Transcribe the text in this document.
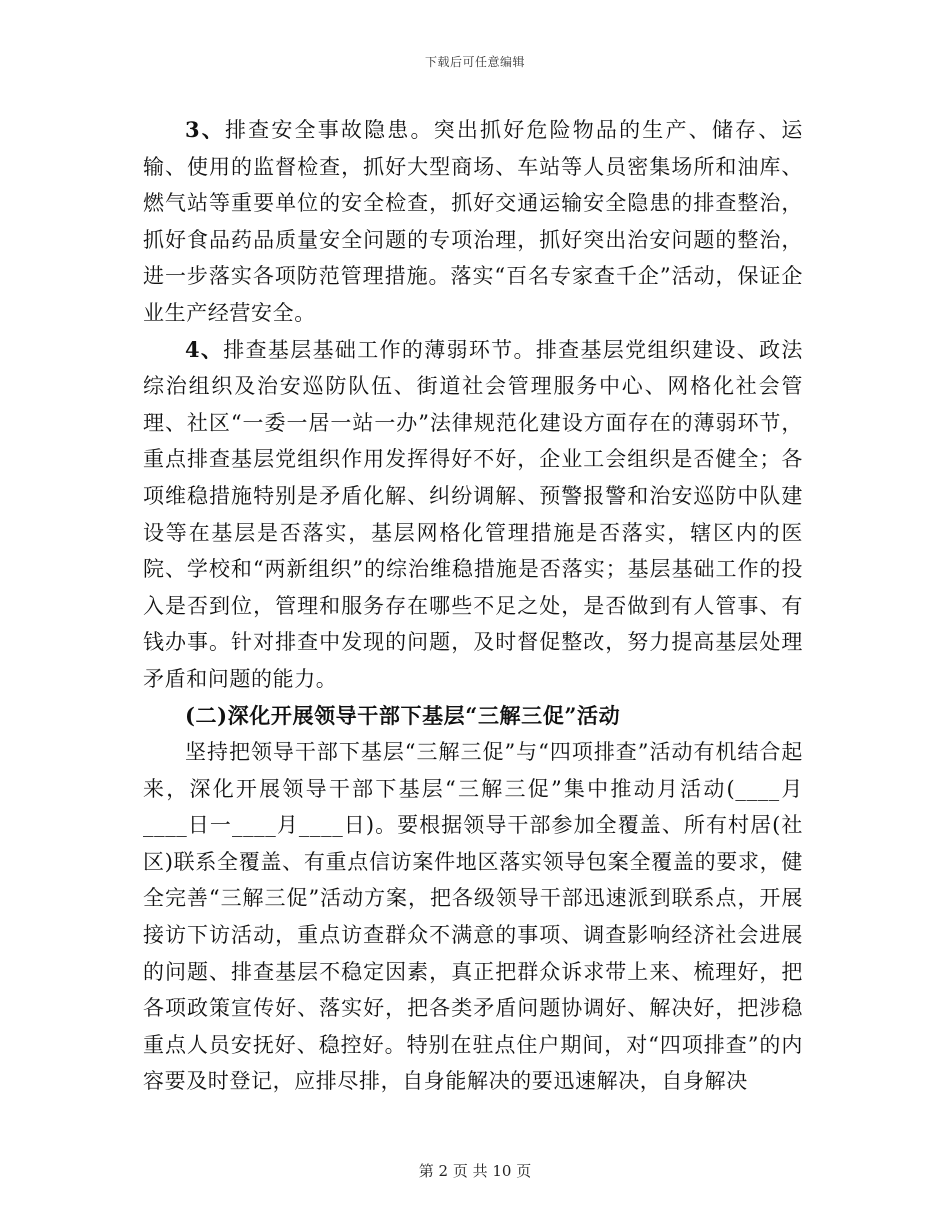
下载后可任意编辑

3、排查安全事故隐患。突出抓好危险物品的生产、储存、运输、使用的监督检查，抓好大型商场、车站等人员密集场所和油库、燃气站等重要单位的安全检查，抓好交通运输安全隐患的排查整治，抓好食品药品质量安全问题的专项治理，抓好突出治安问题的整治，进一步落实各项防范管理措施。落实“百名专家查千企”活动，保证企业生产经营安全。

4、排查基层基础工作的薄弱环节。排查基层党组织建设、政法综治组织及治安巡防队伍、街道社会管理服务中心、网格化社会管理、社区“一委一居一站一办”法律规范化建设方面存在的薄弱环节，重点排查基层党组织作用发挥得好不好，企业工会组织是否健全；各项维稳措施特别是矛盾化解、纠纷调解、预警报警和治安巡防中队建设等在基层是否落实，基层网格化管理措施是否落实，辖区内的医院、学校和“两新组织”的综治维稳措施是否落实；基层基础工作的投入是否到位，管理和服务存在哪些不足之处，是否做到有人管事、有钱办事。针对排查中发现的问题，及时督促整改，努力提高基层处理矛盾和问题的能力。

(二)深化开展领导干部下基层“三解三促”活动

坚持把领导干部下基层“三解三促”与“四项排查”活动有机结合起来，深化开展领导干部下基层“三解三促”集中推动月活动(____月____日一____月____日)。要根据领导干部参加全覆盖、所有村居(社区)联系全覆盖、有重点信访案件地区落实领导包案全覆盖的要求，健全完善“三解三促”活动方案，把各级领导干部迅速派到联系点，开展接访下访活动，重点访查群众不满意的事项、调查影响经济社会进展的问题、排查基层不稳定因素，真正把群众诉求带上来、梳理好，把各项政策宣传好、落实好，把各类矛盾问题协调好、解决好，把涉稳重点人员安抚好、稳控好。特别在驻点住户期间，对“四项排查”的内容要及时登记，应排尽排，自身能解决的要迅速解决，自身解决

第 2 页 共 10 页
